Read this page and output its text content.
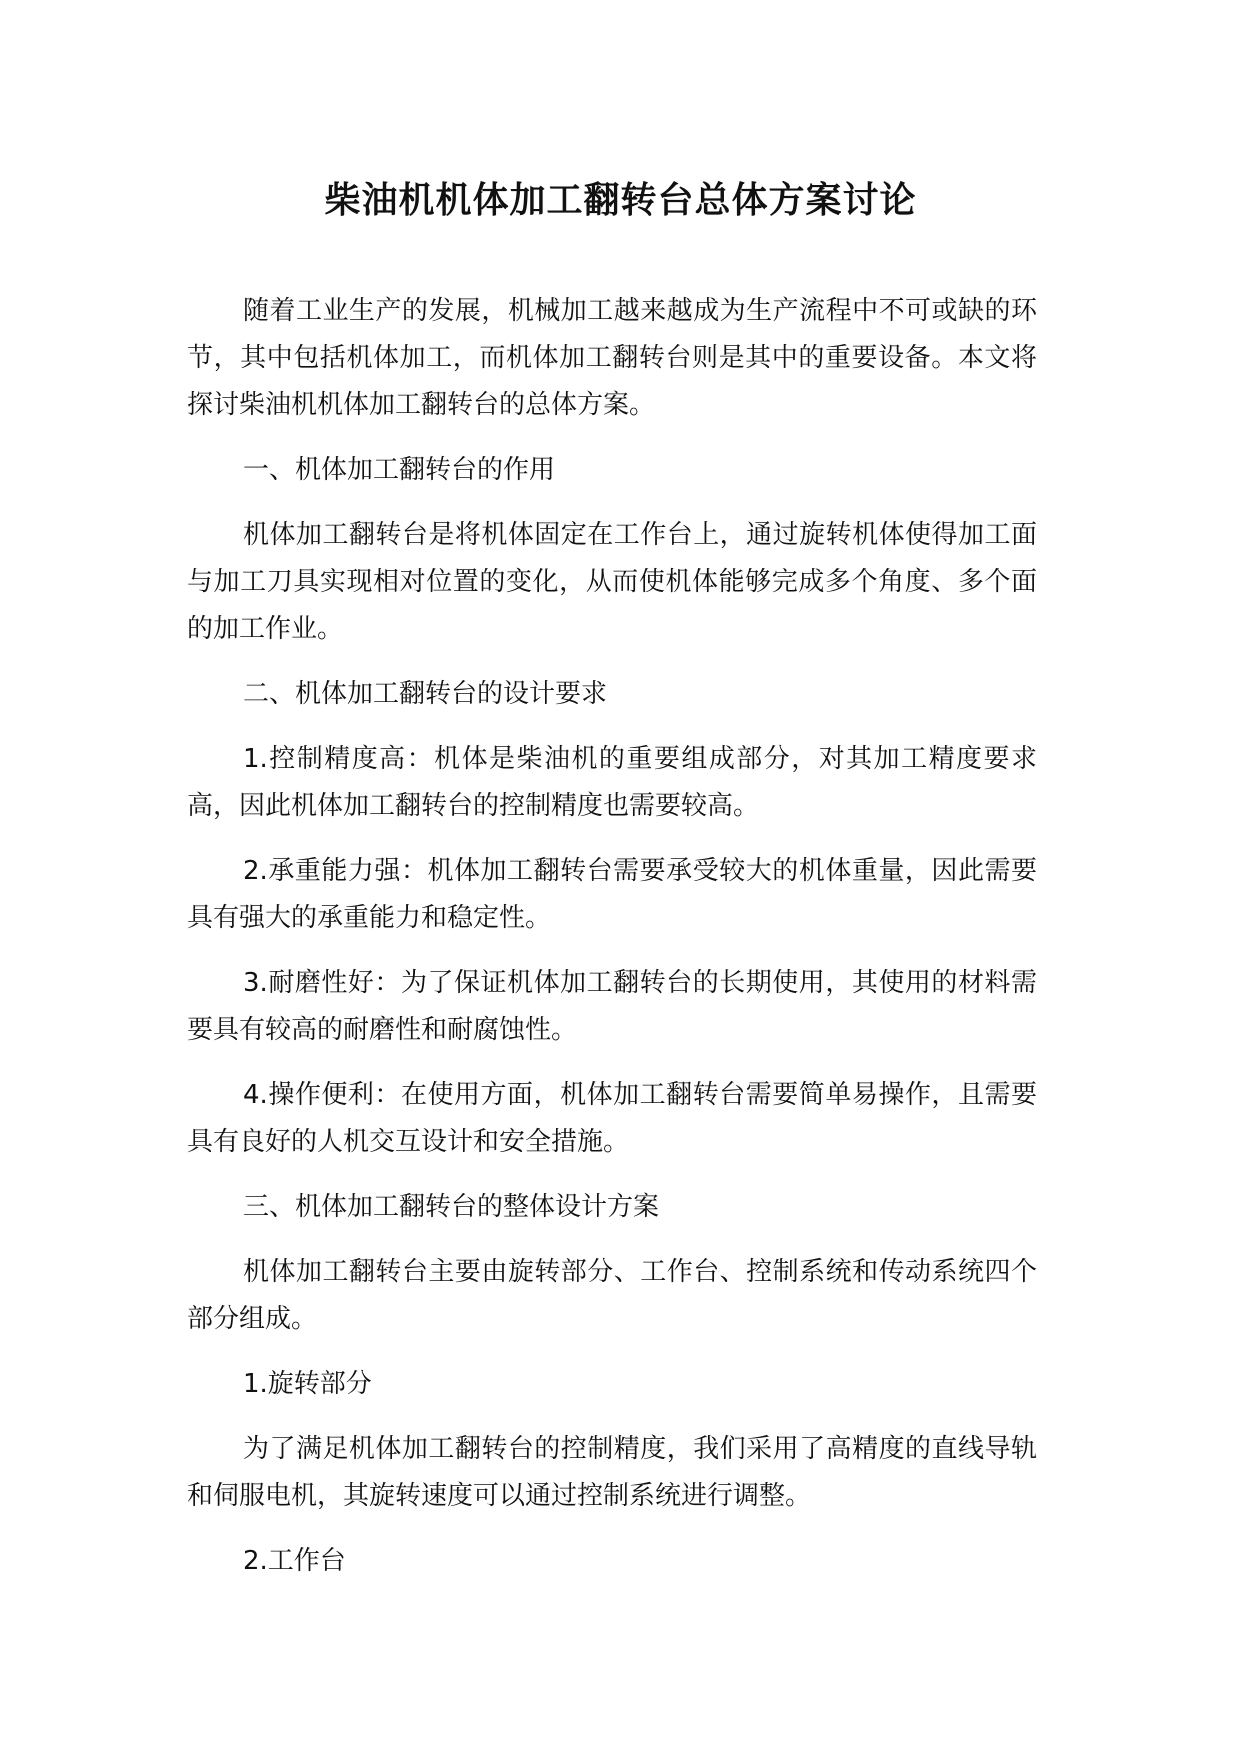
柴油机机体加工翻转台总体方案讨论

随着工业生产的发展，机械加工越来越成为生产流程中不可或缺的环节，其中包括机体加工，而机体加工翻转台则是其中的重要设备。本文将探讨柴油机机体加工翻转台的总体方案。

一、机体加工翻转台的作用

机体加工翻转台是将机体固定在工作台上，通过旋转机体使得加工面与加工刀具实现相对位置的变化，从而使机体能够完成多个角度、多个面的加工作业。

二、机体加工翻转台的设计要求

1.控制精度高：机体是柴油机的重要组成部分，对其加工精度要求高，因此机体加工翻转台的控制精度也需要较高。

2.承重能力强：机体加工翻转台需要承受较大的机体重量，因此需要具有强大的承重能力和稳定性。

3.耐磨性好：为了保证机体加工翻转台的长期使用，其使用的材料需要具有较高的耐磨性和耐腐蚀性。

4.操作便利：在使用方面，机体加工翻转台需要简单易操作，且需要具有良好的人机交互设计和安全措施。

三、机体加工翻转台的整体设计方案

机体加工翻转台主要由旋转部分、工作台、控制系统和传动系统四个部分组成。

1.旋转部分

为了满足机体加工翻转台的控制精度，我们采用了高精度的直线导轨和伺服电机，其旋转速度可以通过控制系统进行调整。

2.工作台
